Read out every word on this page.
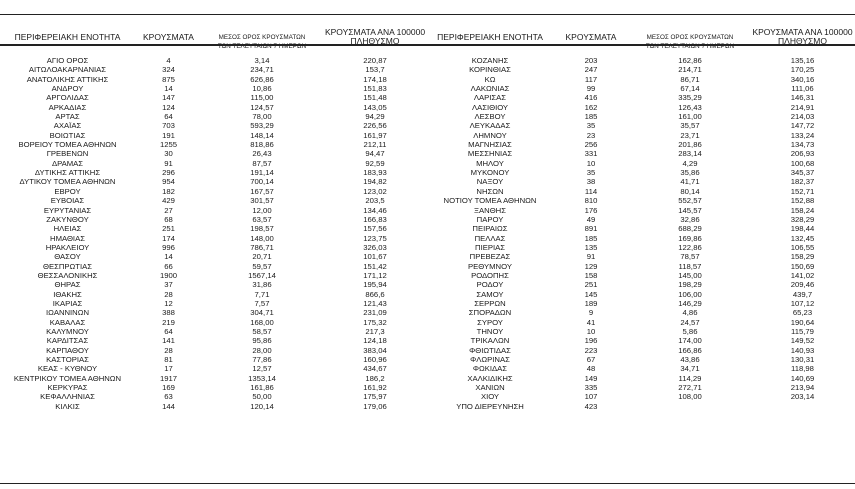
ΠΕΡΙΦΕΡΕΙΑΚΗ ΕΝΟΤΗΤΑ	ΚΡΟΥΣΜΑΤΑ	ΜΕΣΟΣ ΟΡΟΣ ΚΡΟΥΣΜΑΤΩΝ
ΤΩΝ ΤΕΛΕΥΤΑΙΩΝ 7 ΗΜΕΡΩΝ
ΚΡΟΥΣΜΑΤΑ ΑΝΑ 100000
ΠΛΗΘΥΣΜΟ	ΠΕΡΙΦΕΡΕΙΑΚΗ ΕΝΟΤΗΤΑ	ΚΡΟΥΣΜΑΤΑ	ΜΕΣΟΣ ΟΡΟΣ ΚΡΟΥΣΜΑΤΩΝ
ΤΩΝ ΤΕΛΕΥΤΑΙΩΝ 7 ΗΜΕΡΩΝ
ΚΡΟΥΣΜΑΤΑ ΑΝΑ 100000
ΠΛΗΘΥΣΜΟ
ΑΓΙΟ ΟΡΟΣ	4	3,14	220,87
ΑΙΤΩΛΟΑΚΑΡΝΑΝΙΑΣ	324	234,71	153,7
ΑΝΑΤΟΛΙΚΗΣ ΑΤΤΙΚΗΣ	875	626,86	174,18
ΑΝΔΡΟΥ	14	10,86	151,83
ΑΡΓΟΛΙΔΑΣ	147	115,00	151,48
ΑΡΚΑΔΙΑΣ	124	124,57	143,05
ΑΡΤΑΣ	64	78,00	94,29
ΑΧΑΪΑΣ	703	593,29	226,56
ΒΟΙΩΤΙΑΣ	191	148,14	161,97
ΒΟΡΕΙΟΥ ΤΟΜΕΑ ΑΘΗΝΩΝ	1255	818,86	212,11
ΓΡΕΒΕΝΩΝ	30	26,43	94,47
ΔΡΑΜΑΣ	91	87,57	92,59
ΔΥΤΙΚΗΣ ΑΤΤΙΚΗΣ	296	191,14	183,93
ΔΥΤΙΚΟΥ ΤΟΜΕΑ ΑΘΗΝΩΝ	954	700,14	194,82
ΕΒΡΟΥ	182	167,57	123,02
ΕΥΒΟΙΑΣ	429	301,57	203,5
ΕΥΡΥΤΑΝΙΑΣ	27	12,00	134,46
ΖΑΚΥΝΘΟΥ	68	63,57	166,83
ΗΛΕΙΑΣ	251	198,57	157,56
ΗΜΑΘΙΑΣ	174	148,00	123,75
ΗΡΑΚΛΕΙΟΥ	996	786,71	326,03
ΘΑΣΟΥ	14	20,71	101,67
ΘΕΣΠΡΩΤΙΑΣ	66	59,57	151,42
ΘΕΣΣΑΛΟΝΙΚΗΣ	1900	1567,14	171,12
ΘΗΡΑΣ	37	31,86	195,94
ΙΘΑΚΗΣ	28	7,71	866,6
ΙΚΑΡΙΑΣ	12	7,57	121,43
ΙΩΑΝΝΙΝΩΝ	388	304,71	231,09
ΚΑΒΑΛΑΣ	219	168,00	175,32
ΚΑΛΥΜΝΟΥ	64	58,57	217,3
ΚΑΡΔΙΤΣΑΣ	141	95,86	124,18
ΚΑΡΠΑΘΟΥ	28	28,00	383,04
ΚΑΣΤΟΡΙΑΣ	81	77,86	160,96
ΚΕΑΣ - ΚΥΘΝΟΥ	17	12,57	434,67
ΚΕΝΤΡΙΚΟΥ ΤΟΜΕΑ ΑΘΗΝΩΝ	1917	1353,14	186,2
ΚΕΡΚΥΡΑΣ	169	161,86	161,92
ΚΕΦΑΛΛΗΝΙΑΣ	63	50,00	175,97
ΚΙΛΚΙΣ	144	120,14	179,06
ΚΟΖΑΝΗΣ	203	162,86	135,16
ΚΟΡΙΝΘΙΑΣ	247	214,71	170,25
ΚΩ	117	86,71	340,16
ΛΑΚΩΝΙΑΣ	99	67,14	111,06
ΛΑΡΙΣΑΣ	416	335,29	146,31
ΛΑΣΙΘΙΟΥ	162	126,43	214,91
ΛΕΣΒΟΥ	185	161,00	214,03
ΛΕΥΚΑΔΑΣ	35	35,57	147,72
ΛΗΜΝΟΥ	23	23,71	133,24
ΜΑΓΝΗΣΙΑΣ	256	201,86	134,73
ΜΕΣΣΗΝΙΑΣ	331	283,14	206,93
ΜΗΛΟΥ	10	4,29	100,68
ΜΥΚΟΝΟΥ	35	35,86	345,37
ΝΑΞΟΥ	38	41,71	182,37
ΝΗΣΩΝ	114	80,14	152,71
ΝΟΤΙΟΥ ΤΟΜΕΑ ΑΘΗΝΩΝ	810	552,57	152,88
ΞΑΝΘΗΣ	176	145,57	158,24
ΠΑΡΟΥ	49	32,86	328,29
ΠΕΙΡΑΙΩΣ	891	688,29	198,44
ΠΕΛΛΑΣ	185	169,86	132,45
ΠΙΕΡΙΑΣ	135	122,86	106,55
ΠΡΕΒΕΖΑΣ	91	78,57	158,29
ΡΕΘΥΜΝΟΥ	129	118,57	150,69
ΡΟΔΟΠΗΣ	158	145,00	141,02
ΡΟΔΟΥ	251	198,29	209,46
ΣΑΜΟΥ	145	106,00	439,7
ΣΕΡΡΩΝ	189	146,29	107,12
ΣΠΟΡΑΔΩΝ	9	4,86	65,23
ΣΥΡΟΥ	41	24,57	190,64
ΤΗΝΟΥ	10	5,86	115,79
ΤΡΙΚΑΛΩΝ	196	174,00	149,52
ΦΘΙΩΤΙΔΑΣ	223	166,86	140,93
ΦΛΩΡΙΝΑΣ	67	43,86	130,31
ΦΩΚΙΔΑΣ	48	34,71	118,98
ΧΑΛΚΙΔΙΚΗΣ	149	114,29	140,69
ΧΑΝΙΩΝ	335	272,71	213,94
ΧΙΟΥ	107	108,00	203,14
ΥΠΟ ΔΙΕΡΕΥΝΗΣΗ	423		
